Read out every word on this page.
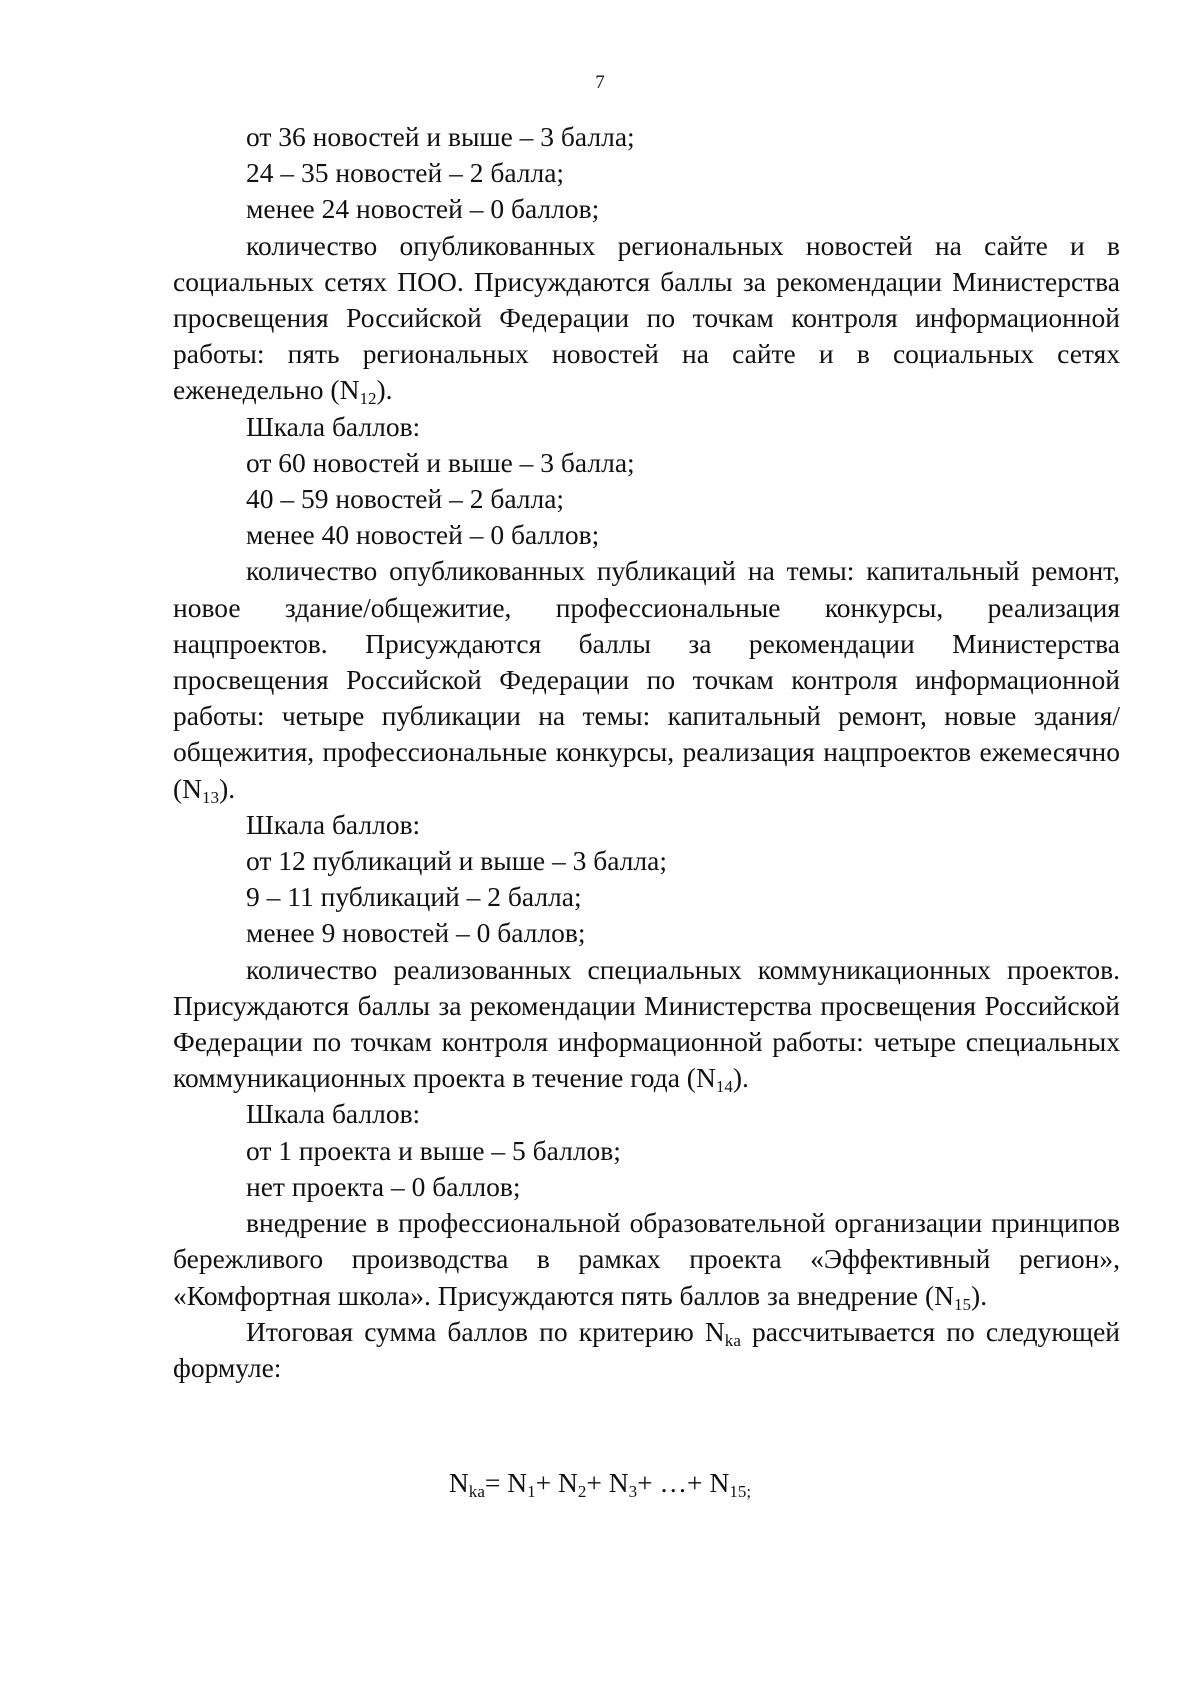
7

от 36 новостей и выше – 3 балла;

24 – 35 новостей – 2 балла;

менее 24 новостей – 0 баллов;

количество опубликованных региональных новостей на сайте и в социальных сетях ПОО. Присуждаются баллы за рекомендации Министерства просвещения Российской Федерации по точкам контроля информационной работы: пять региональных новостей на сайте и в социальных сетях еженедельно $(N_{12})$.

Шкала баллов:

от 60 новостей и выше – 3 балла;

40 – 59 новостей – 2 балла;

менее 40 новостей – 0 баллов;

количество опубликованных публикаций на темы: капитальный ремонт, новое здание/общежитие, профессиональные конкурсы, реализация нацпроектов. Присуждаются баллы за рекомендации Министерства просвещения Российской Федерации по точкам контроля информационной работы: четыре публикации на темы: капитальный ремонт, новые здания/общежития, профессиональные конкурсы, реализация нацпроектов ежемесячно $(N_{13})$.

Шкала баллов:

от 12 публикаций и выше – 3 балла;

9 – 11 публикаций – 2 балла;

менее 9 новостей – 0 баллов;

количество реализованных специальных коммуникационных проектов. Присуждаются баллы за рекомендации Министерства просвещения Российской Федерации по точкам контроля информационной работы: четыре специальных коммуникационных проекта в течение года $(N_{14})$.

Шкала баллов:

от 1 проекта и выше – 5 баллов;

нет проекта – 0 баллов;

внедрение в профессиональной образовательной организации принципов бережливого производства в рамках проекта «Эффективный регион», «Комфортная школа». Присуждаются пять баллов за внедрение $(N_{15})$.

Итоговая сумма баллов по критерию $N_{ka}$ рассчитывается по следующей формуле:

$N_{ka}= N_1+ N_2+ N_3+$ …+ $N_{15;}$
